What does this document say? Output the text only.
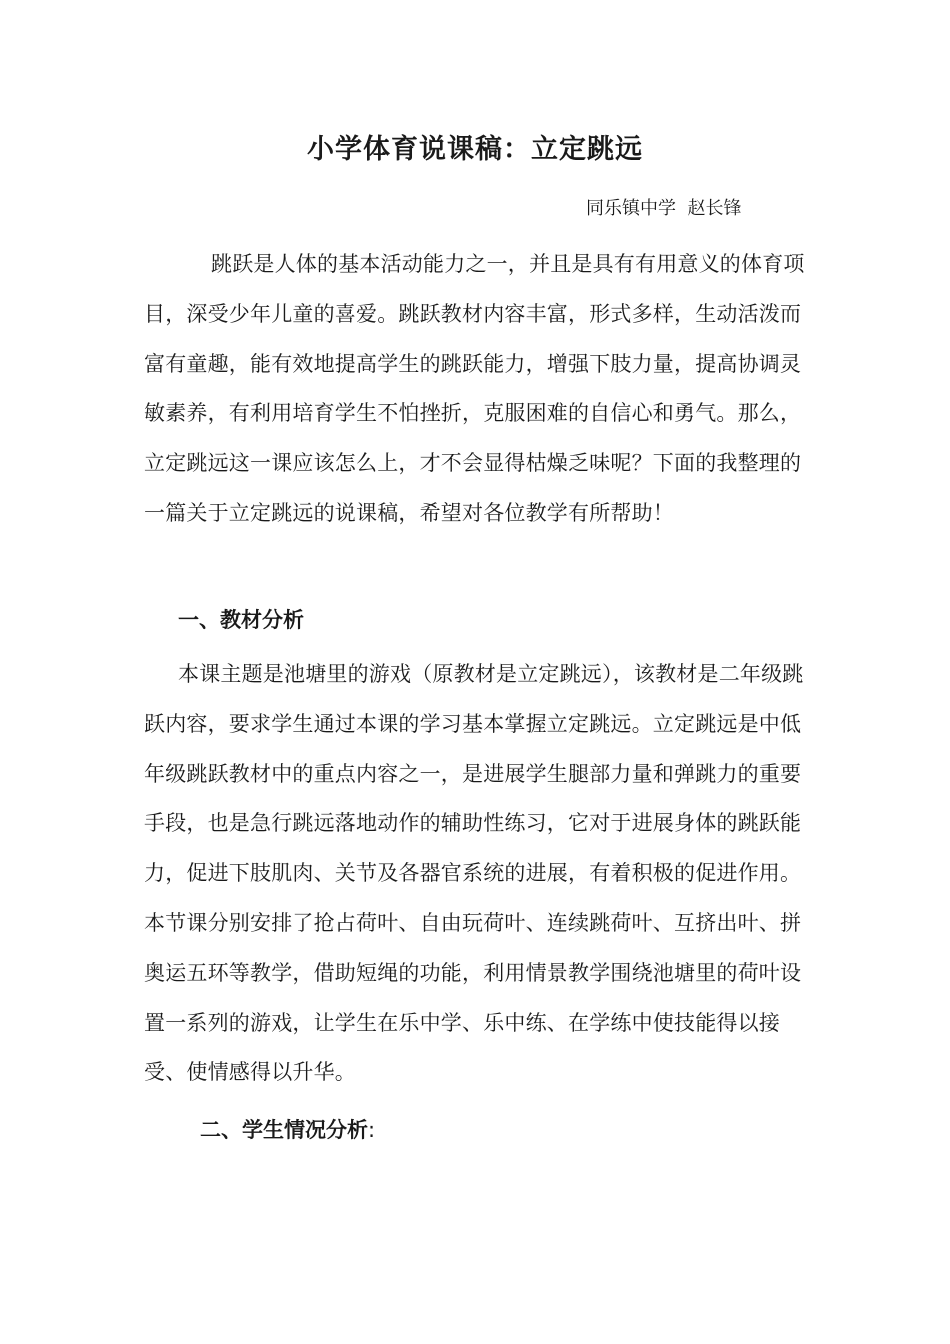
小学体育说课稿：立定跳远
同乐镇中学  赵长锋

跳跃是人体的基本活动能力之一，并且是具有有用意义的体育项目，深受少年儿童的喜爱。跳跃教材内容丰富，形式多样，生动活泼而富有童趣，能有效地提高学生的跳跃能力，增强下肢力量，提高协调灵敏素养，有利用培育学生不怕挫折，克服困难的自信心和勇气。那么，立定跳远这一课应该怎么上，才不会显得枯燥乏味呢？下面的我整理的一篇关于立定跳远的说课稿，希望对各位教学有所帮助！

一、教材分析

本课主题是池塘里的游戏（原教材是立定跳远），该教材是二年级跳跃内容，要求学生通过本课的学习基本掌握立定跳远。立定跳远是中低年级跳跃教材中的重点内容之一，是进展学生腿部力量和弹跳力的重要手段，也是急行跳远落地动作的辅助性练习，它对于进展身体的跳跃能力，促进下肢肌肉、关节及各器官系统的进展，有着积极的促进作用。本节课分别安排了抢占荷叶、自由玩荷叶、连续跳荷叶、互挤出叶、拼奥运五环等教学，借助短绳的功能，利用情景教学围绕池塘里的荷叶设置一系列的游戏，让学生在乐中学、乐中练、在学练中使技能得以接受、使情感得以升华。

二、学生情况分析:
